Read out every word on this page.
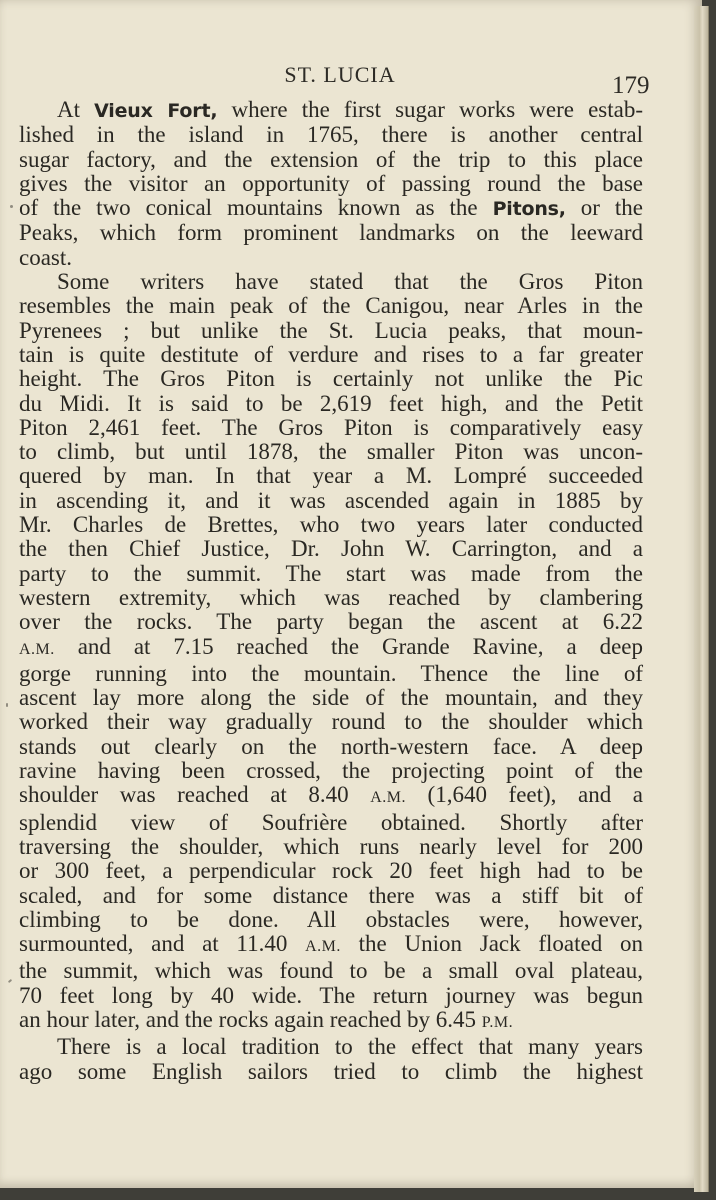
ST. LUCIA	179
At Vieux Fort, where the first sugar works were estab-
lished in the island in 1765, there is another central
sugar factory, and the extension of the trip to this place
gives the visitor an opportunity of passing round the base
of the two conical mountains known as the Pitons, or the
Peaks, which form prominent landmarks on the leeward
coast.
Some writers have stated that the Gros Piton
resembles the main peak of the Canigou, near Arles in the
Pyrenees ; but unlike the St. Lucia peaks, that moun-
tain is quite destitute of verdure and rises to a far greater
height. The Gros Piton is certainly not unlike the Pic
du Midi. It is said to be 2,619 feet high, and the Petit
Piton 2,461 feet. The Gros Piton is comparatively easy
to climb, but until 1878, the smaller Piton was uncon-
quered by man. In that year a M. Lompré succeeded
in ascending it, and it was ascended again in 1885 by
Mr. Charles de Brettes, who two years later conducted
the then Chief Justice, Dr. John W. Carrington, and a
party to the summit. The start was made from the
western extremity, which was reached by clambering
over the rocks. The party began the ascent at 6.22
A.M. and at 7.15 reached the Grande Ravine, a deep
gorge running into the mountain. Thence the line of
ascent lay more along the side of the mountain, and they
worked their way gradually round to the shoulder which
stands out clearly on the north-western face. A deep
ravine having been crossed, the projecting point of the
shoulder was reached at 8.40 A.M. (1,640 feet), and a
splendid view of Soufrière obtained. Shortly after
traversing the shoulder, which runs nearly level for 200
or 300 feet, a perpendicular rock 20 feet high had to be
scaled, and for some distance there was a stiff bit of
climbing to be done. All obstacles were, however,
surmounted, and at 11.40 A.M. the Union Jack floated on
the summit, which was found to be a small oval plateau,
70 feet long by 40 wide. The return journey was begun
an hour later, and the rocks again reached by 6.45 P.M.
There is a local tradition to the effect that many years
ago some English sailors tried to climb the highest
